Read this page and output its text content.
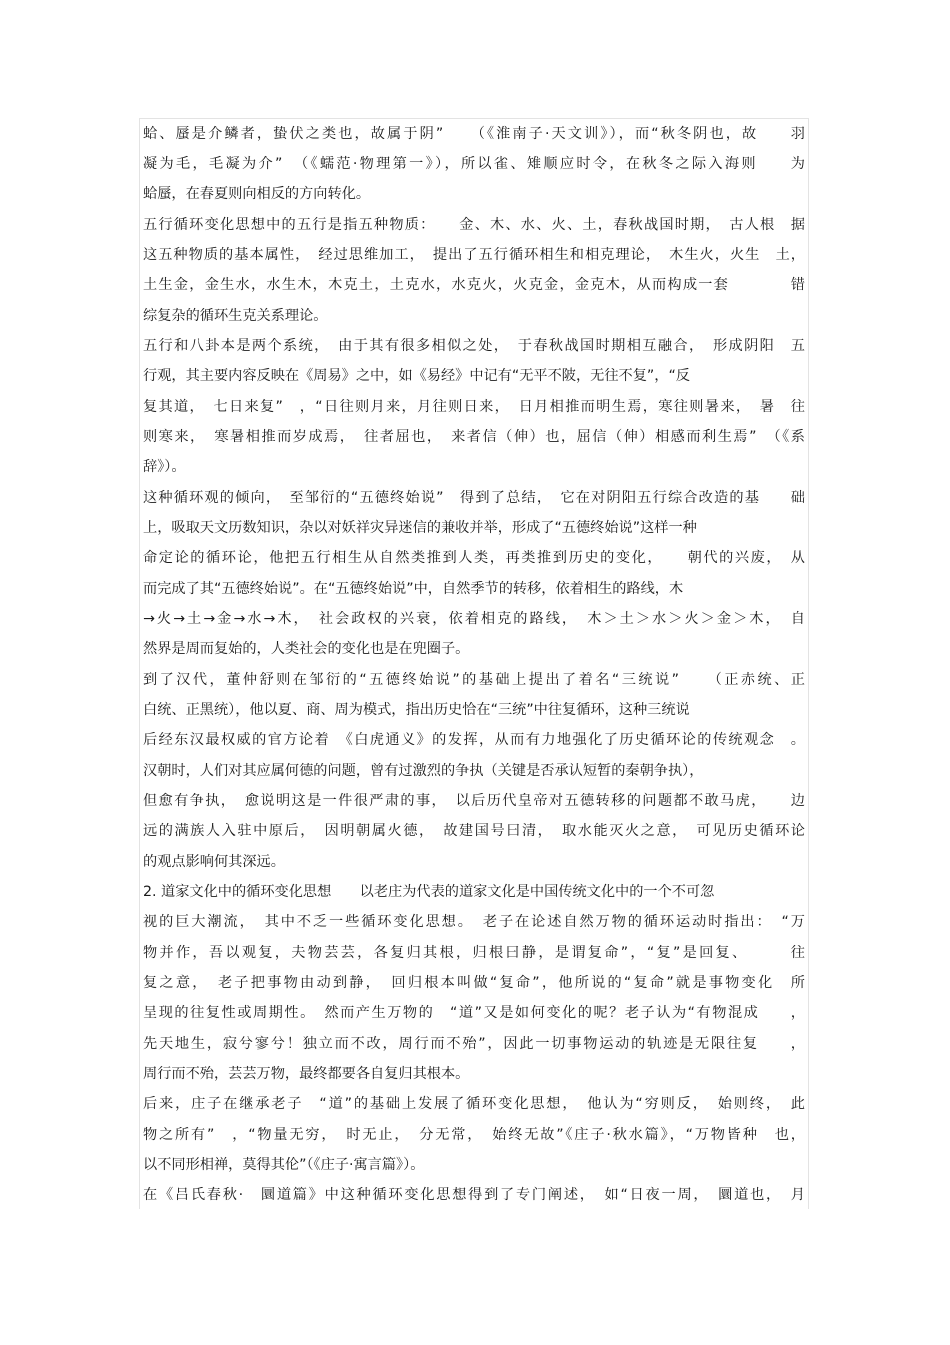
蛤、蜃是介鳞者，蛰伏之类也，故属于阴”　　（《淮南子·天文训》），而“秋冬阴也，故　　羽
凝为毛，毛凝为介”　（《蠕范·物理第一》），所以雀、雉顺应时令，在秋冬之际入海则　　为
蛤蜃，在春夏则向相反的方向转化。
五行循环变化思想中的五行是指五种物质：　　金、木、水、火、土，春秋战国时期，　古人根　据
这五种物质的基本属性，　经过思维加工，　提出了五行循环相生和相克理论，　木生火，火生　土，
土生金，金生水，水生木，木克土，土克水，水克火，火克金，金克木，从而构成一套　　　　错
综复杂的循环生克关系理论。
五行和八卦本是两个系统，　由于其有很多相似之处，　于春秋战国时期相互融合，　形成阴阳　五
行观，其主要内容反映在《周易》之中，如《易经》中记有“无平不陂，无往不复”，“反
复其道，　七日来复”　，“日往则月来，月往则日来，　日月相推而明生焉，寒往则暑来，　暑　往
则寒来，　寒暑相推而岁成焉，　往者屈也，　来者信（伸）也，屈信（伸）相感而利生焉”　（《系
辞》）。
这种循环观的倾向，　至邹衍的“五德终始说”　得到了总结，　它在对阴阳五行综合改造的基　　础
上，吸取天文历数知识，杂以对妖祥灾异迷信的兼收并举，形成了“五德终始说”这样一种
命定论的循环论，他把五行相生从自然类推到人类，再类推到历史的变化，　　朝代的兴废，　从
而完成了其“五德终始说”。在“五德终始说”中，自然季节的转移，依着相生的路线，木
→火→土→金→水→木，　社会政权的兴衰，依着相克的路线，　木＞土＞水＞火＞金＞木，　自
然界是周而复始的，人类社会的变化也是在兜圈子。
到了汉代，董仲舒则在邹衍的“五德终始说”的基础上提出了着名“三统说”　　（正赤统、正
白统、正黑统），他以夏、商、周为模式，指出历史恰在“三统”中往复循环，这种三统说
后经东汉最权威的官方论着　《白虎通义》的发挥，从而有力地强化了历史循环论的传统观念　。
汉朝时，人们对其应属何德的问题，曾有过激烈的争执（关键是否承认短暂的秦朝争执），
但愈有争执，　愈说明这是一件很严肃的事，　以后历代皇帝对五德转移的问题都不敢马虎，　　边
远的满族人入驻中原后，　因明朝属火德，　故建国号曰清，　取水能灭火之意，　可见历史循环论
的观点影响何其深远。
2. 道家文化中的循环变化思想　　以老庄为代表的道家文化是中国传统文化中的一个不可忽
视的巨大潮流，　其中不乏一些循环变化思想。　老子在论述自然万物的循环运动时指出：　“万
物并作，吾以观复，夫物芸芸，各复归其根，归根曰静，是谓复命”，“复”是回复、　　　往
复之意，　老子把事物由动到静，　回归根本叫做“复命”，他所说的“复命”就是事物变化　所
呈现的往复性或周期性。　然而产生万物的　“道”又是如何变化的呢？老子认为“有物混成　　，
先天地生，寂兮寥兮！独立而不改，周行而不殆”，因此一切事物运动的轨迹是无限往复　　，
周行而不殆，芸芸万物，最终都要各自复归其根本。
后来，庄子在继承老子　“道”的基础上发展了循环变化思想，　他认为“穷则反，　始则终，　此
物之所有”　，“物量无穷，　时无止，　分无常，　始终无故”《庄子·秋水篇》，“万物皆种　也，
以不同形相禅，莫得其伦”（《庄子·寓言篇》）。
在《吕氏春秋·　圜道篇》中这种循环变化思想得到了专门阐述，　如“日夜一周，　圜道也，　月
